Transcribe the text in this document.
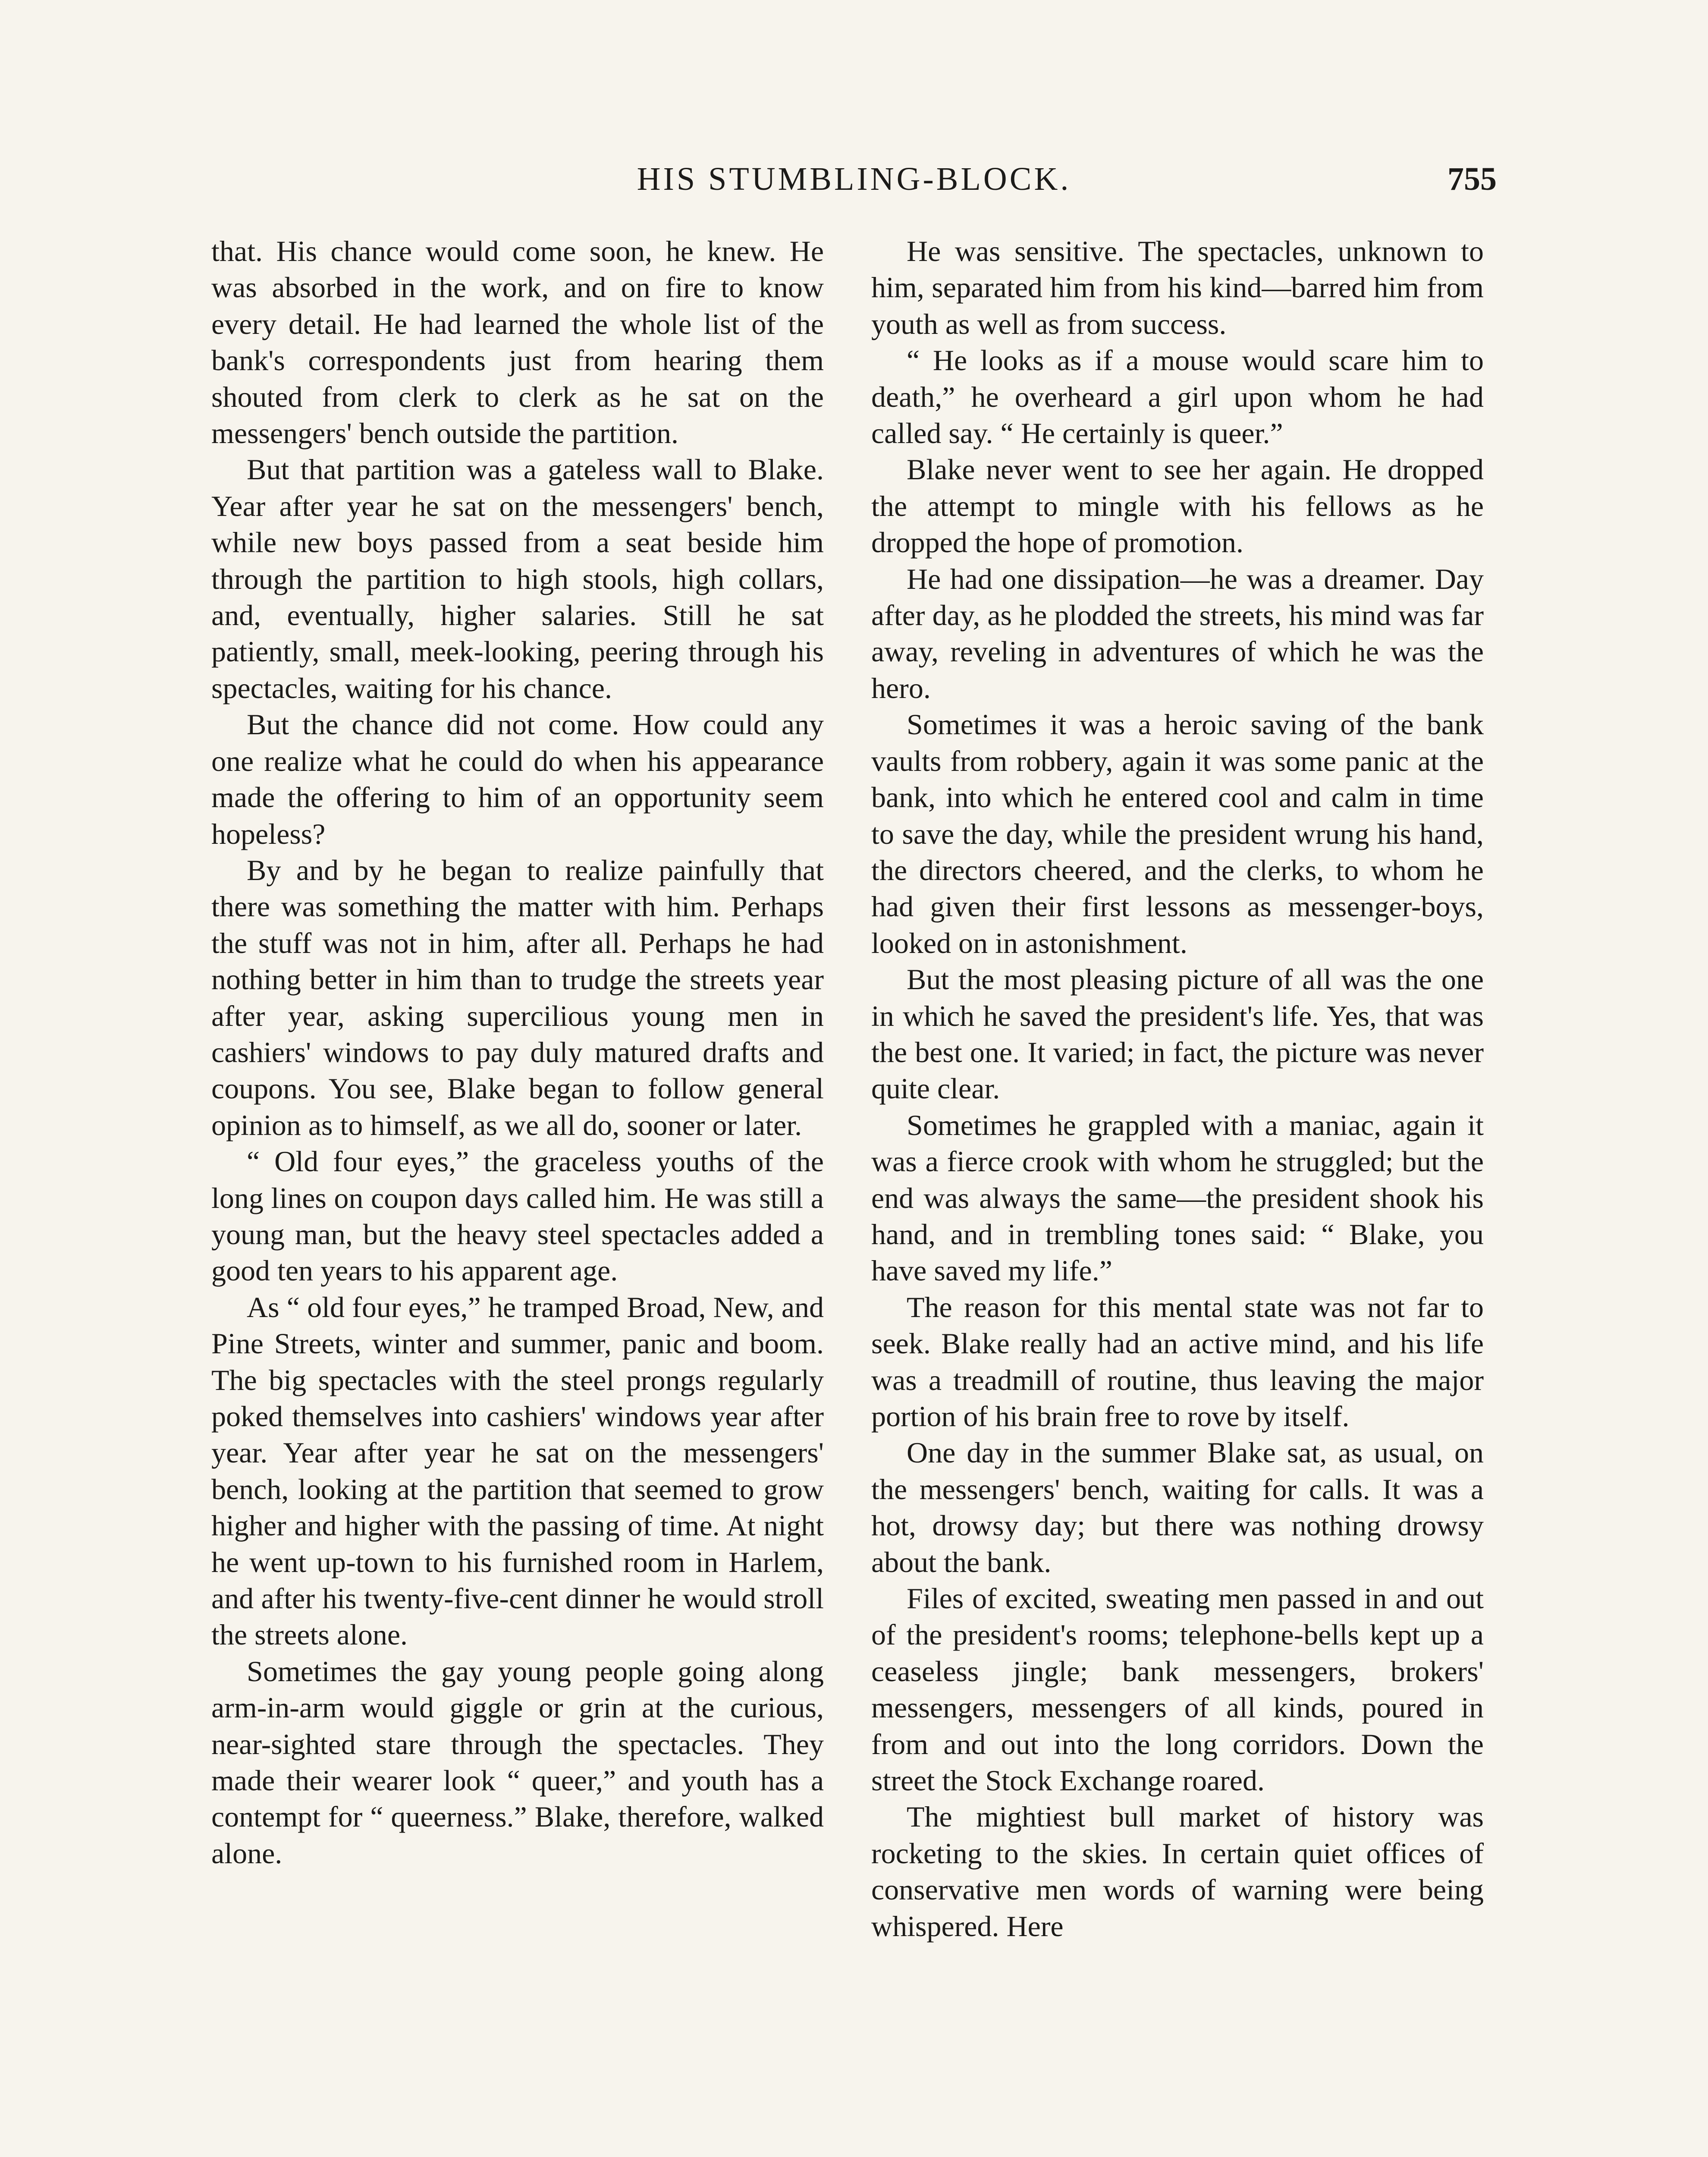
HIS STUMBLING-BLOCK.	755

that. His chance would come soon, he knew. He was absorbed in the work, and on fire to know every detail. He had learned the whole list of the bank's correspondents just from hearing them shouted from clerk to clerk as he sat on the messengers' bench outside the partition.

But that partition was a gateless wall to Blake. Year after year he sat on the messengers' bench, while new boys passed from a seat beside him through the partition to high stools, high collars, and, eventually, higher salaries. Still he sat patiently, small, meek-looking, peering through his spectacles, waiting for his chance.

But the chance did not come. How could any one realize what he could do when his appearance made the offering to him of an opportunity seem hopeless?

By and by he began to realize painfully that there was something the matter with him. Perhaps the stuff was not in him, after all. Perhaps he had nothing better in him than to trudge the streets year after year, asking supercilious young men in cashiers' windows to pay duly matured drafts and coupons. You see, Blake began to follow general opinion as to himself, as we all do, sooner or later.

“ Old four eyes,” the graceless youths of the long lines on coupon days called him. He was still a young man, but the heavy steel spectacles added a good ten years to his apparent age.

As “ old four eyes,” he tramped Broad, New, and Pine Streets, winter and summer, panic and boom. The big spectacles with the steel prongs regularly poked themselves into cashiers' windows year after year. Year after year he sat on the messengers' bench, looking at the partition that seemed to grow higher and higher with the passing of time. At night he went up-town to his furnished room in Harlem, and after his twenty-five-cent dinner he would stroll the streets alone.

Sometimes the gay young people going along arm-in-arm would giggle or grin at the curious, near-sighted stare through the spectacles. They made their wearer look “ queer,” and youth has a contempt for “ queerness.” Blake, therefore, walked alone.

He was sensitive. The spectacles, unknown to him, separated him from his kind—barred him from youth as well as from success.

“ He looks as if a mouse would scare him to death,” he overheard a girl upon whom he had called say. “ He certainly is queer.”

Blake never went to see her again. He dropped the attempt to mingle with his fellows as he dropped the hope of promotion.

He had one dissipation—he was a dreamer. Day after day, as he plodded the streets, his mind was far away, reveling in adventures of which he was the hero.

Sometimes it was a heroic saving of the bank vaults from robbery, again it was some panic at the bank, into which he entered cool and calm in time to save the day, while the president wrung his hand, the directors cheered, and the clerks, to whom he had given their first lessons as messenger-boys, looked on in astonishment.

But the most pleasing picture of all was the one in which he saved the president's life. Yes, that was the best one. It varied; in fact, the picture was never quite clear.

Sometimes he grappled with a maniac, again it was a fierce crook with whom he struggled; but the end was always the same—the president shook his hand, and in trembling tones said: “ Blake, you have saved my life.”

The reason for this mental state was not far to seek. Blake really had an active mind, and his life was a treadmill of routine, thus leaving the major portion of his brain free to rove by itself.

One day in the summer Blake sat, as usual, on the messengers' bench, waiting for calls. It was a hot, drowsy day; but there was nothing drowsy about the bank.

Files of excited, sweating men passed in and out of the president's rooms; telephone-bells kept up a ceaseless jingle; bank messengers, brokers' messengers, messengers of all kinds, poured in from and out into the long corridors. Down the street the Stock Exchange roared.

The mightiest bull market of history was rocketing to the skies. In certain quiet offices of conservative men words of warning were being whispered. Here
